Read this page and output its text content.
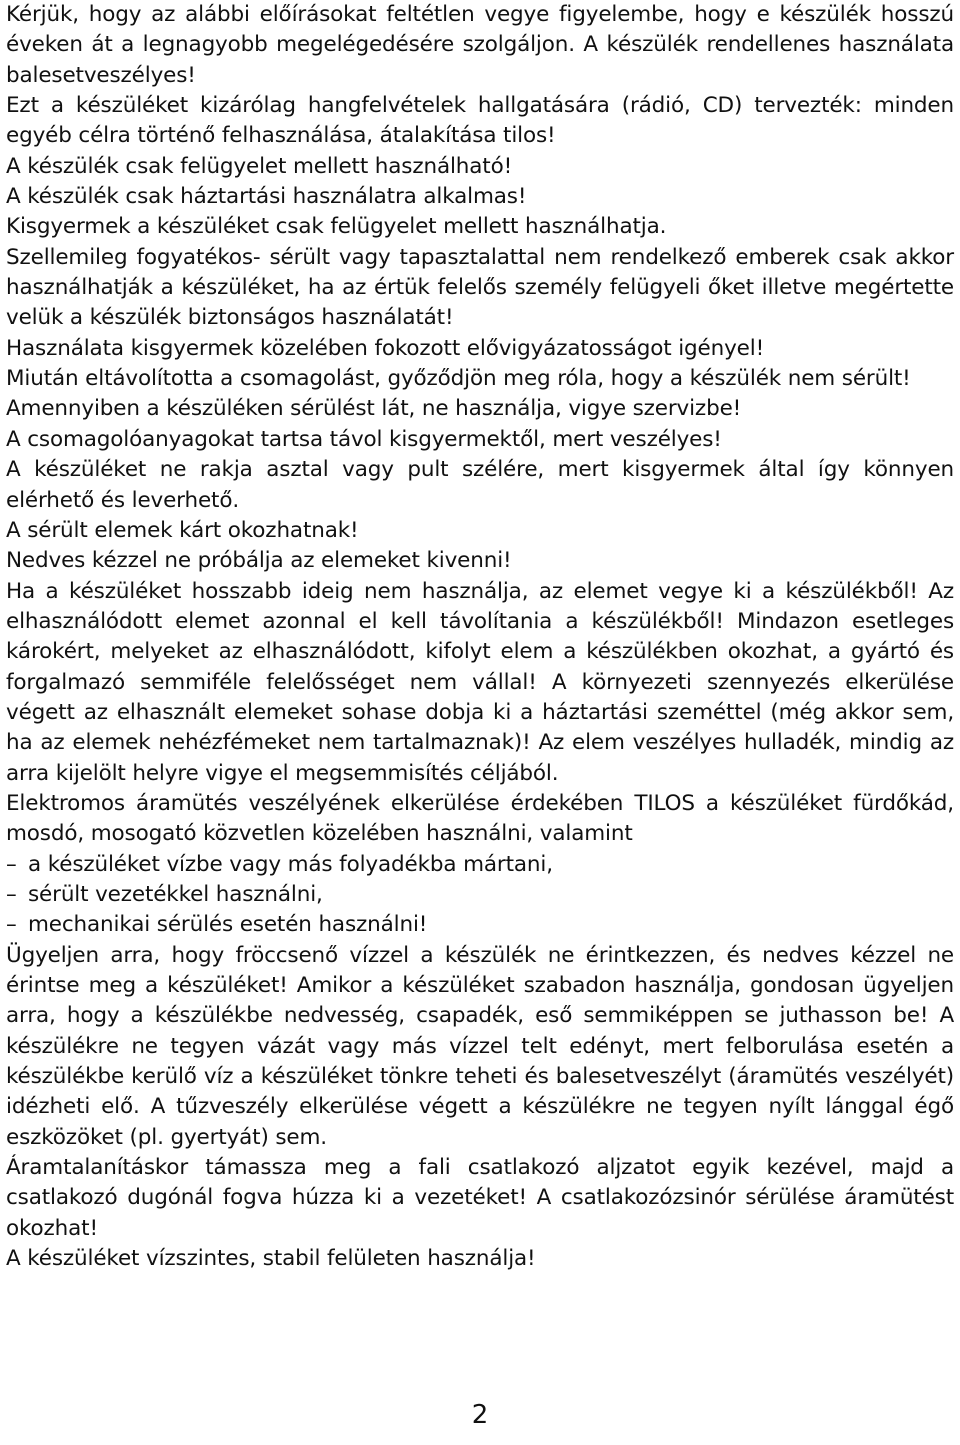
Kérjük, hogy az alábbi előírásokat feltétlen vegye figyelembe, hogy e készülék hosszú éveken át a legnagyobb megelégedésére szolgáljon. A készülék rendellenes használata balesetveszélyes!

Ezt a készüléket kizárólag hangfelvételek hallgatására (rádió, CD) tervezték: minden egyéb célra történő felhasználása, átalakítása tilos!

A készülék csak felügyelet mellett használható!

A készülék csak háztartási használatra alkalmas!

Kisgyermek a készüléket csak felügyelet mellett használhatja.

Szellemileg fogyatékos- sérült vagy tapasztalattal nem rendelkező emberek csak akkor használhatják a készüléket, ha az értük felelős személy felügyeli őket illetve megértette velük a készülék biztonságos használatát!

Használata kisgyermek közelében fokozott elővigyázatosságot igényel!

Miután eltávolította a csomagolást, győződjön meg róla, hogy a készülék nem sérült!

Amennyiben a készüléken sérülést lát, ne használja, vigye szervizbe!

A csomagolóanyagokat tartsa távol kisgyermektől, mert veszélyes!

A készüléket ne rakja asztal vagy pult szélére, mert kisgyermek által így könnyen elérhető és leverhető.

A sérült elemek kárt okozhatnak!

Nedves kézzel ne próbálja az elemeket kivenni!

Ha a készüléket hosszabb ideig nem használja, az elemet vegye ki a készülékből! Az elhasználódott elemet azonnal el kell távolítania a készülékből! Mindazon esetleges károkért, melyeket az elhasználódott, kifolyt elem a készülékben okozhat, a gyártó és forgalmazó semmiféle felelősséget nem vállal! A környezeti szennyezés elkerülése végett az elhasznált elemeket sohase dobja ki a háztartási szeméttel (még akkor sem, ha az elemek nehézfémeket nem tartalmaznak)! Az elem veszélyes hulladék, mindig az arra kijelölt helyre vigye el megsemmisítés céljából.

Elektromos áramütés veszélyének elkerülése érdekében TILOS a készüléket fürdőkád, mosdó, mosogató közvetlen közelében használni, valamint

– a készüléket vízbe vagy más folyadékba mártani,

– sérült vezetékkel használni,

– mechanikai sérülés esetén használni!

Ügyeljen arra, hogy fröccsenő vízzel a készülék ne érintkezzen, és nedves kézzel ne érintse meg a készüléket! Amikor a készüléket szabadon használja, gondosan ügyeljen arra, hogy a készülékbe nedvesség, csapadék, eső semmiképpen se juthasson be! A készülékre ne tegyen vázát vagy más vízzel telt edényt, mert felborulása esetén a készülékbe kerülő víz a készüléket tönkre teheti és balesetveszélyt (áramütés veszélyét) idézheti elő. A tűzveszély elkerülése végett a készülékre ne tegyen nyílt lánggal égő eszközöket (pl. gyertyát) sem.

Áramtalanításkor támassza meg a fali csatlakozó aljzatot egyik kezével, majd a csatlakozó dugónál fogva húzza ki a vezetéket! A csatlakozózsinór sérülése áramütést okozhat!

A készüléket vízszintes, stabil felületen használja!

2
